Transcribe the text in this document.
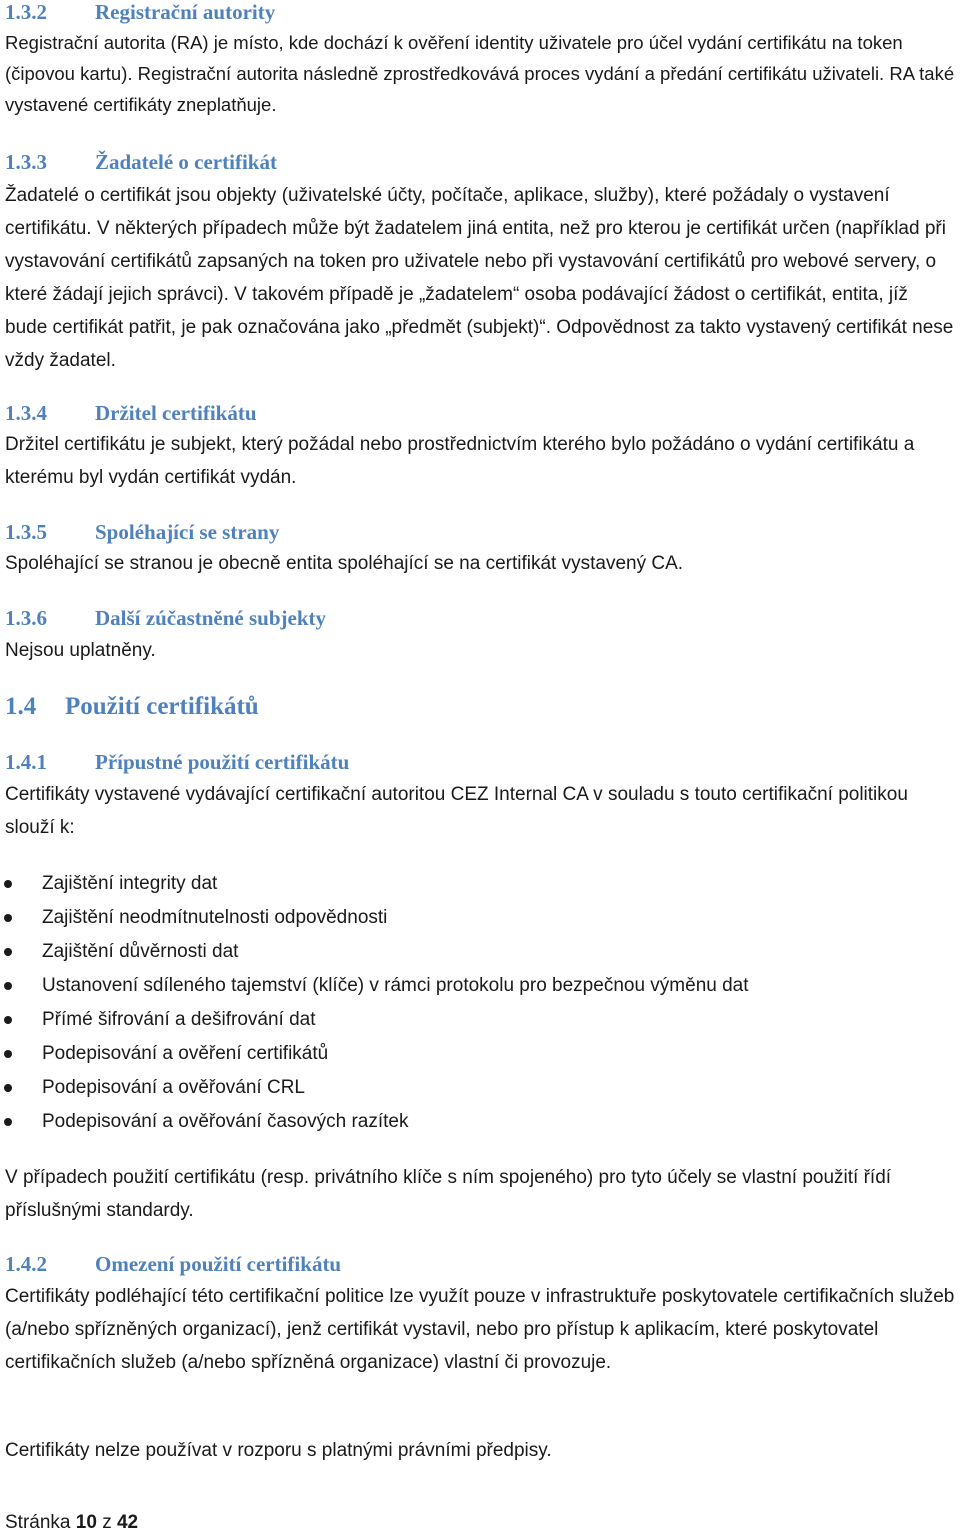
1.3.2 Registrační autority
Registrační autorita (RA) je místo, kde dochází k ověření identity uživatele pro účel vydání certifikátu na token (čipovou kartu). Registrační autorita následně zprostředkovává proces vydání a předání certifikátu uživateli. RA také vystavené certifikáty zneplatňuje.
1.3.3 Žadatelé o certifikát
Žadatelé o certifikát jsou objekty (uživatelské účty, počítače, aplikace, služby), které požádaly o vystavení certifikátu. V některých případech může být žadatelem jiná entita, než pro kterou je certifikát určen (například při vystavování certifikátů zapsaných na token pro uživatele nebo při vystavování certifikátů pro webové servery, o které žádají jejich správci). V takovém případě je „žadatelem“ osoba podávající žádost o certifikát, entita, jíž bude certifikát patřit, je pak označována jako „předmět (subjekt)“. Odpovědnost za takto vystavený certifikát nese vždy žadatel.
1.3.4 Držitel certifikátu
Držitel certifikátu je subjekt, který požádal nebo prostřednictvím kterého bylo požádáno o vydání certifikátu a kterému byl vydán certifikát vydán.
1.3.5 Spoléhající se strany
Spoléhající se stranou je obecně entita spoléhající se na certifikát vystavený CA.
1.3.6 Další zúčastněné subjekty
Nejsou uplatněny.
1.4 Použití certifikátů
1.4.1 Přípustné použití certifikátu
Certifikáty vystavené vydávající certifikační autoritou CEZ Internal CA v souladu s touto certifikační politikou slouží k:
Zajištění integrity dat
Zajištění neodmítnutelnosti odpovědnosti
Zajištění důvěrnosti dat
Ustanovení sdíleného tajemství (klíče) v rámci protokolu pro bezpečnou výměnu dat
Přímé šifrování a dešifrování dat
Podepisování a ověření certifikátů
Podepisování a ověřování CRL
Podepisování a ověřování časových razítek
V případech použití certifikátu (resp. privátního klíče s ním spojeného) pro tyto účely se vlastní použití řídí příslušnými standardy.
1.4.2 Omezení použití certifikátu
Certifikáty podléhající této certifikační politice lze využít pouze v infrastruktuře poskytovatele certifikačních služeb (a/nebo spřízněných organizací), jenž certifikát vystavil, nebo pro přístup k aplikacím, které poskytovatel certifikačních služeb (a/nebo spřízněná organizace) vlastní či provozuje.
Certifikáty nelze používat v rozporu s platnými právními předpisy.
Stránka 10 z 42
